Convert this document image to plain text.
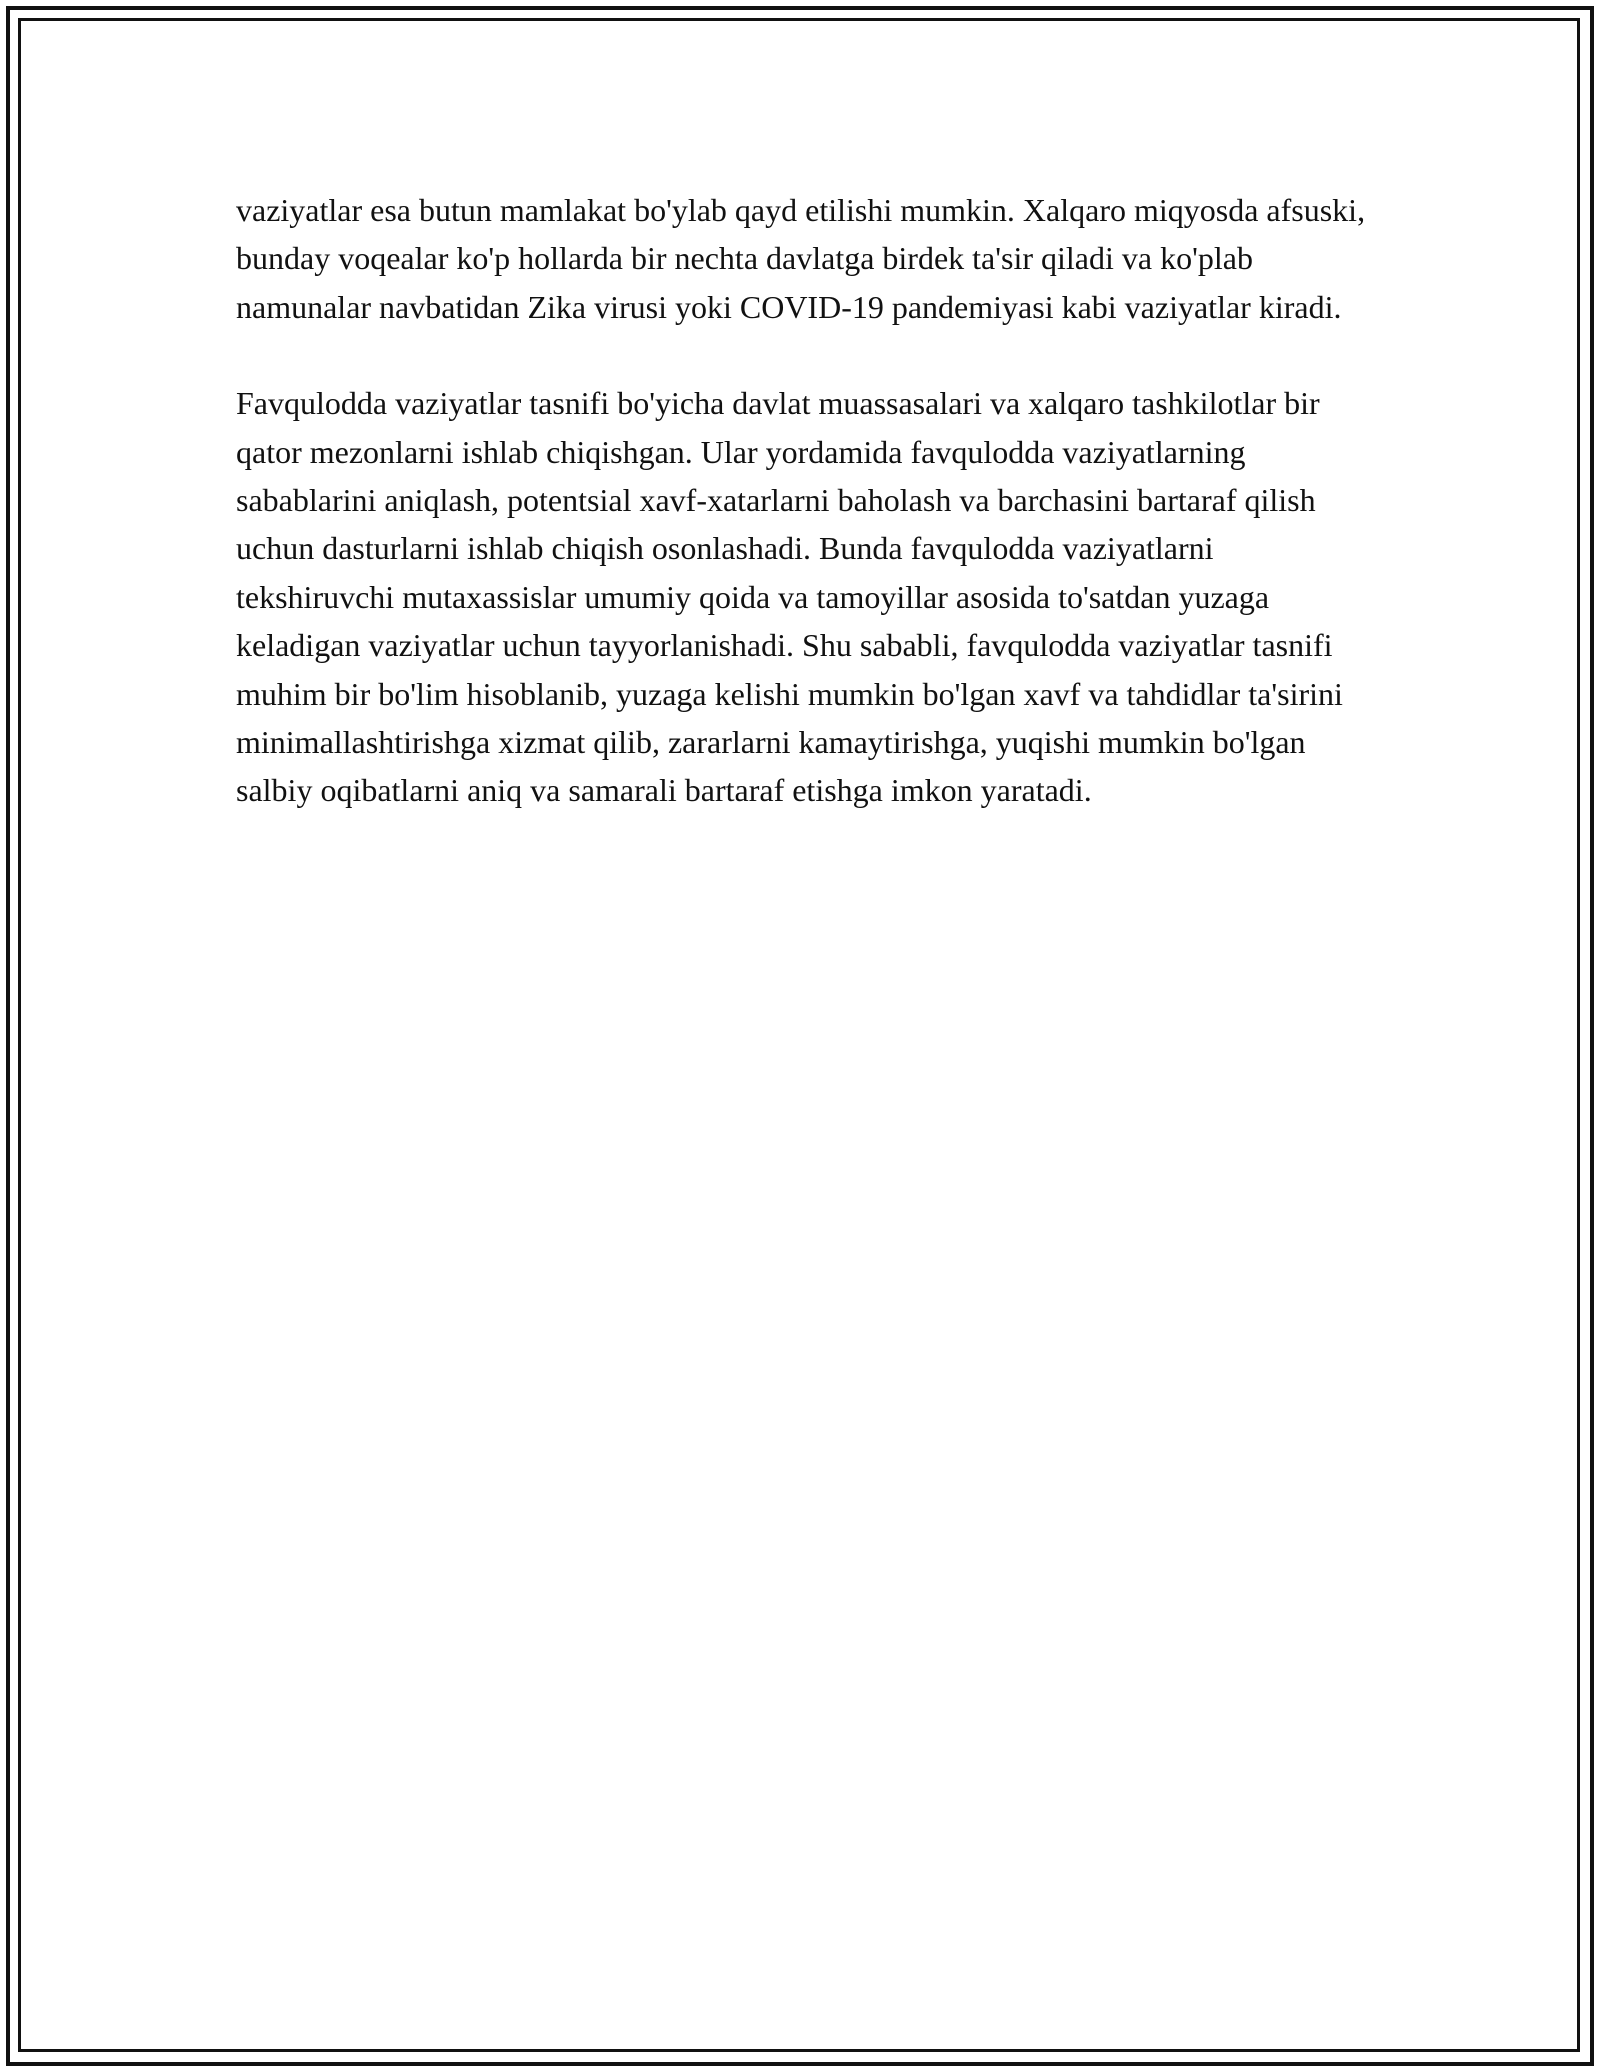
vaziyatlar esa butun mamlakat bo'ylab qayd etilishi mumkin. Xalqaro miqyosda afsuski, bunday voqealar ko'p hollarda bir nechta davlatga birdek ta'sir qiladi va ko'plab namunalar navbatidan Zika virusi yoki COVID-19 pandemiyasi kabi vaziyatlar kiradi.

Favqulodda vaziyatlar tasnifi bo'yicha davlat muassasalari va xalqaro tashkilotlar bir qator mezonlarni ishlab chiqishgan. Ular yordamida favqulodda vaziyatlarning sabablarini aniqlash, potentsial xavf-xatarlarni baholash va barchasini bartaraf qilish uchun dasturlarni ishlab chiqish osonlashadi. Bunda favqulodda vaziyatlarni tekshiruvchi mutaxassislar umumiy qoida va tamoyillar asosida to'satdan yuzaga keladigan vaziyatlar uchun tayyorlanishadi. Shu sababli, favqulodda vaziyatlar tasnifi muhim bir bo'lim hisoblanib, yuzaga kelishi mumkin bo'lgan xavf va tahdidlar ta'sirini minimallashtirishga xizmat qilib, zararlarni kamaytirishga, yuqishi mumkin bo'lgan salbiy oqibatlarni aniq va samarali bartaraf etishga imkon yaratadi.
